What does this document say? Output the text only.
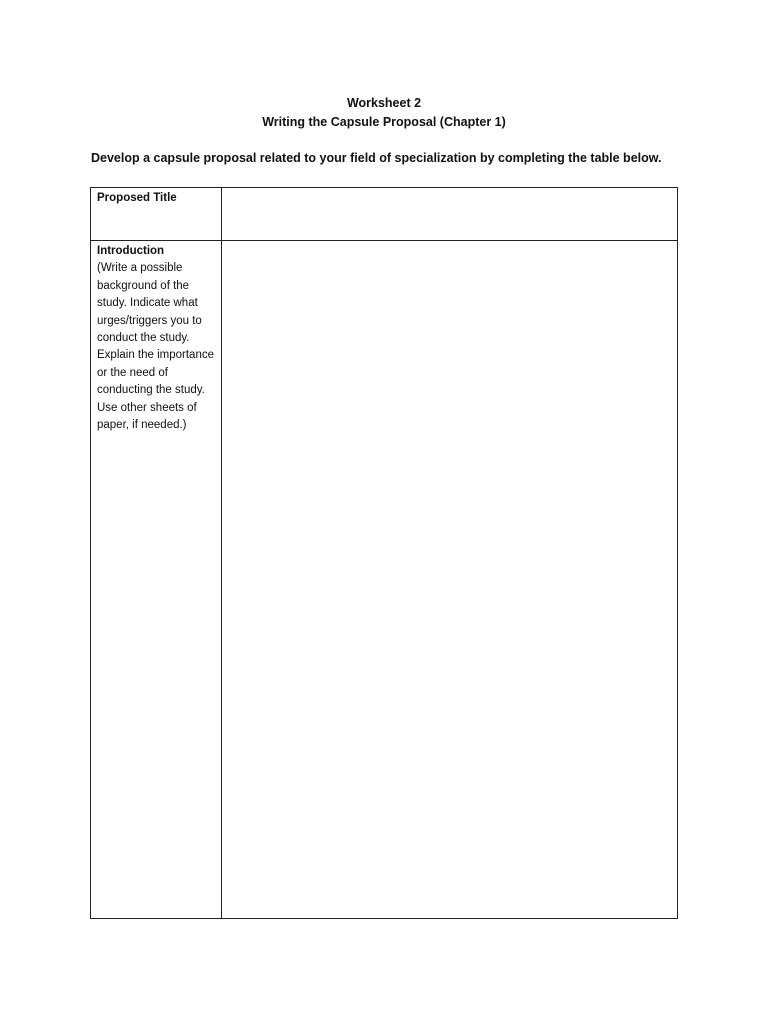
Worksheet 2
Writing the Capsule Proposal (Chapter 1)
Develop a capsule proposal related to your field of specialization by completing the table below.
Proposed Title	

Introduction
(Write a possible background of the study. Indicate what urges/triggers you to conduct the study. Explain the importance or the need of conducting the study. Use other sheets of paper, if needed.)	
